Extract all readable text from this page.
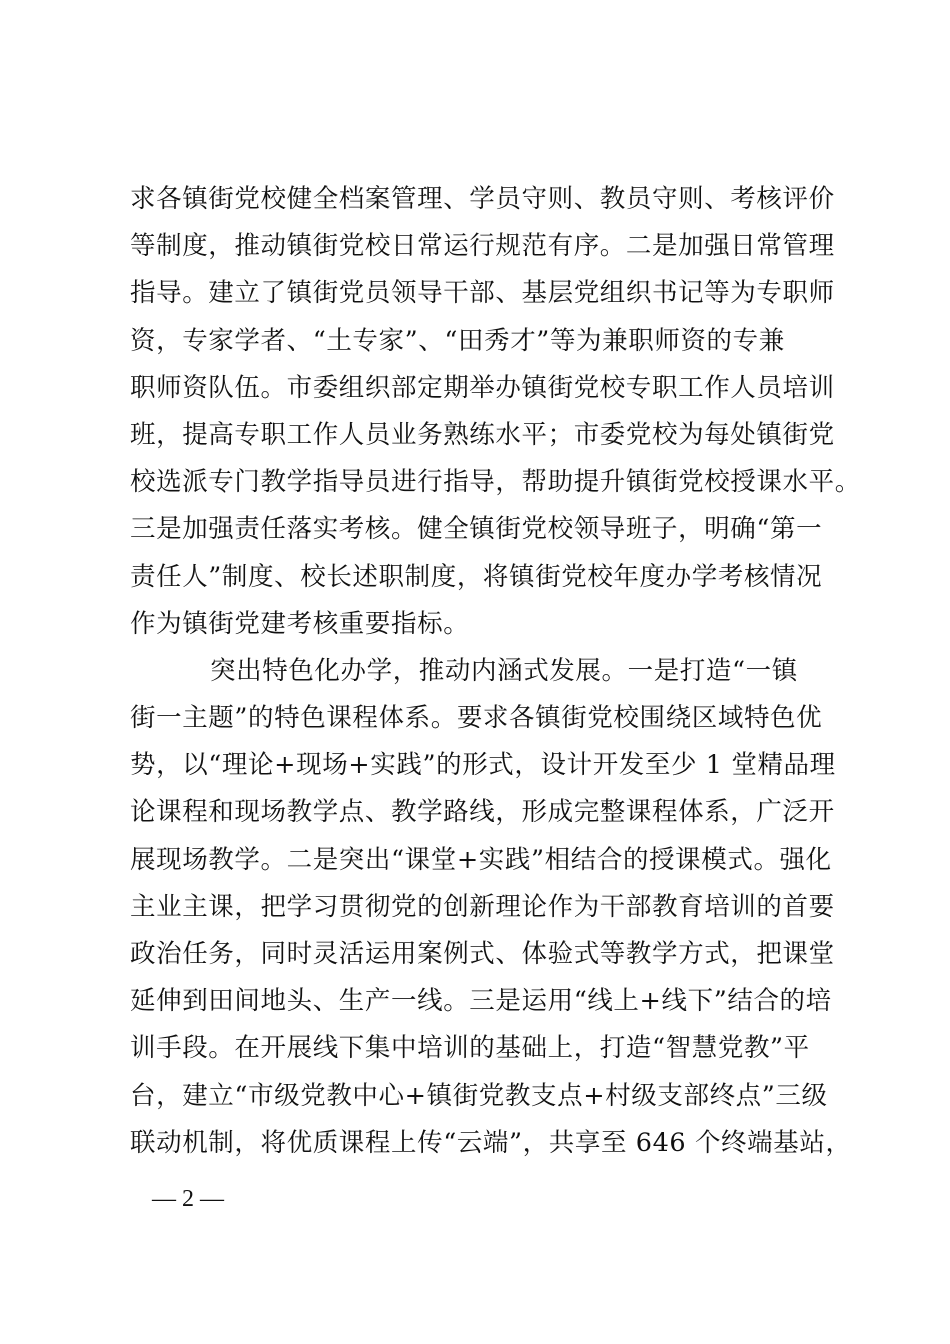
求各镇街党校健全档案管理、学员守则、教员守则、考核评价
等制度，推动镇街党校日常运行规范有序。二是加强日常管理
指导。建立了镇街党员领导干部、基层党组织书记等为专职师
资，专家学者、“土专家”、“田秀才”等为兼职师资的专兼
职师资队伍。市委组织部定期举办镇街党校专职工作人员培训
班，提高专职工作人员业务熟练水平；市委党校为每处镇街党
校选派专门教学指导员进行指导，帮助提升镇街党校授课水平。
三是加强责任落实考核。健全镇街党校领导班子，明确“第一
责任人”制度、校长述职制度，将镇街党校年度办学考核情况
作为镇街党建考核重要指标。
突出特色化办学，推动内涵式发展。一是打造“一镇
街一主题”的特色课程体系。要求各镇街党校围绕区域特色优
势，以“理论+现场+实践”的形式，设计开发至少 1 堂精品理
论课程和现场教学点、教学路线，形成完整课程体系，广泛开
展现场教学。二是突出“课堂+实践”相结合的授课模式。强化
主业主课，把学习贯彻党的创新理论作为干部教育培训的首要
政治任务，同时灵活运用案例式、体验式等教学方式，把课堂
延伸到田间地头、生产一线。三是运用“线上+线下”结合的培
训手段。在开展线下集中培训的基础上，打造“智慧党教”平
台，建立“市级党教中心+镇街党教支点+村级支部终点”三级
联动机制，将优质课程上传“云端”，共享至 646 个终端基站，
— 2 —
